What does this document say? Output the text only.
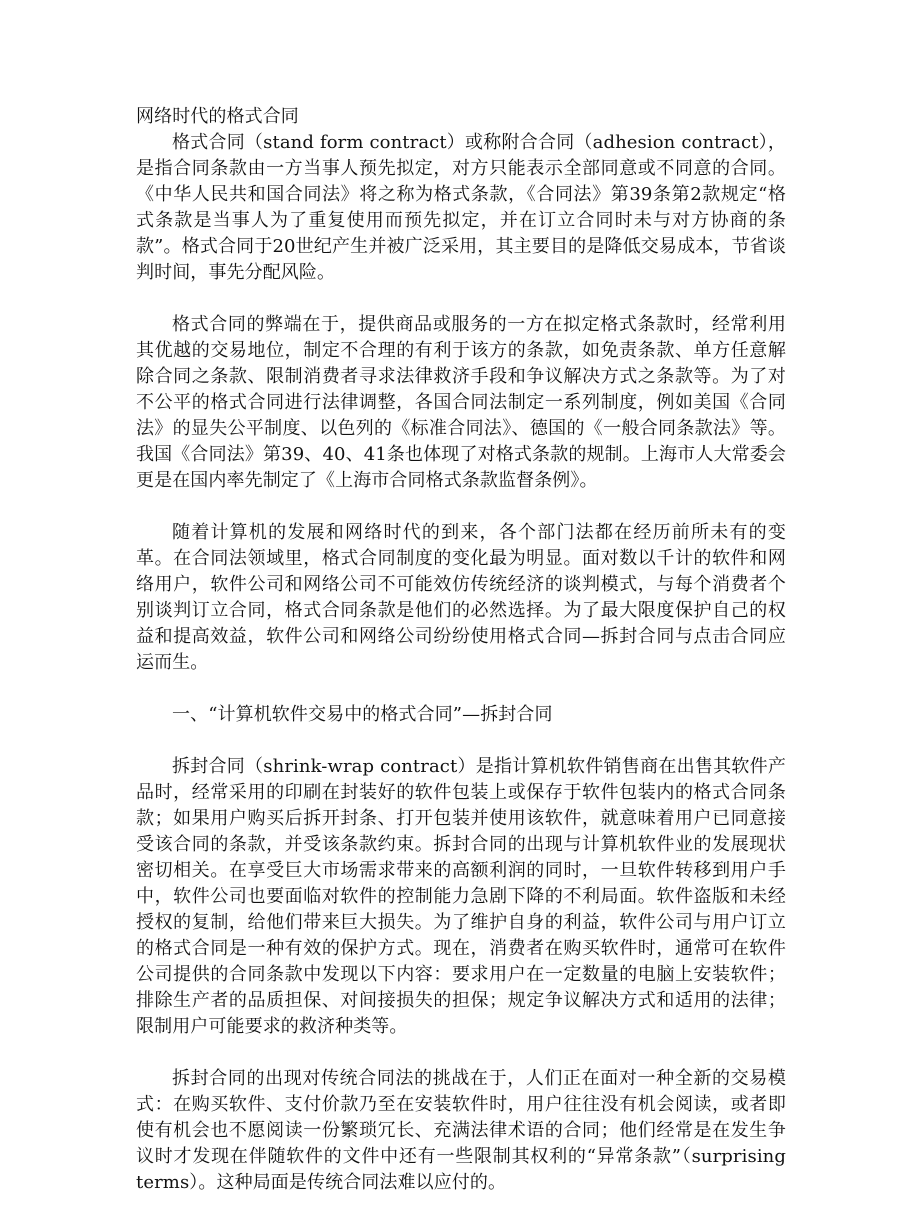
网络时代的格式合同

格式合同（stand form contract）或称附合合同（adhesion contract），是指合同条款由一方当事人预先拟定，对方只能表示全部同意或不同意的合同。《中华人民共和国合同法》将之称为格式条款，《合同法》第39条第2款规定“格式条款是当事人为了重复使用而预先拟定，并在订立合同时未与对方协商的条款”。格式合同于20世纪产生并被广泛采用，其主要目的是降低交易成本，节省谈判时间，事先分配风险。

格式合同的弊端在于，提供商品或服务的一方在拟定格式条款时，经常利用其优越的交易地位，制定不合理的有利于该方的条款，如免责条款、单方任意解除合同之条款、限制消费者寻求法律救济手段和争议解决方式之条款等。为了对不公平的格式合同进行法律调整，各国合同法制定一系列制度，例如美国《合同法》的显失公平制度、以色列的《标准合同法》、德国的《一般合同条款法》等。我国《合同法》第39、40、41条也体现了对格式条款的规制。上海市人大常委会更是在国内率先制定了《上海市合同格式条款监督条例》。

随着计算机的发展和网络时代的到来，各个部门法都在经历前所未有的变革。在合同法领域里，格式合同制度的变化最为明显。面对数以千计的软件和网络用户，软件公司和网络公司不可能效仿传统经济的谈判模式，与每个消费者个别谈判订立合同，格式合同条款是他们的必然选择。为了最大限度保护自己的权益和提高效益，软件公司和网络公司纷纷使用格式合同—拆封合同与点击合同应运而生。

一、“计算机软件交易中的格式合同”—拆封合同

拆封合同（shrink-wrap contract）是指计算机软件销售商在出售其软件产品时，经常采用的印刷在封装好的软件包装上或保存于软件包装内的格式合同条款；如果用户购买后拆开封条、打开包装并使用该软件，就意味着用户已同意接受该合同的条款，并受该条款约束。拆封合同的出现与计算机软件业的发展现状密切相关。在享受巨大市场需求带来的高额利润的同时，一旦软件转移到用户手中，软件公司也要面临对软件的控制能力急剧下降的不利局面。软件盗版和未经授权的复制，给他们带来巨大损失。为了维护自身的利益，软件公司与用户订立的格式合同是一种有效的保护方式。现在，消费者在购买软件时，通常可在软件公司提供的合同条款中发现以下内容：要求用户在一定数量的电脑上安装软件；排除生产者的品质担保、对间接损失的担保；规定争议解决方式和适用的法律；限制用户可能要求的救济种类等。

拆封合同的出现对传统合同法的挑战在于，人们正在面对一种全新的交易模式：在购买软件、支付价款乃至在安装软件时，用户往往没有机会阅读，或者即使有机会也不愿阅读一份繁琐冗长、充满法律术语的合同；他们经常是在发生争议时才发现在伴随软件的文件中还有一些限制其权利的“异常条款”（surprising terms）。这种局面是传统合同法难以应付的。
